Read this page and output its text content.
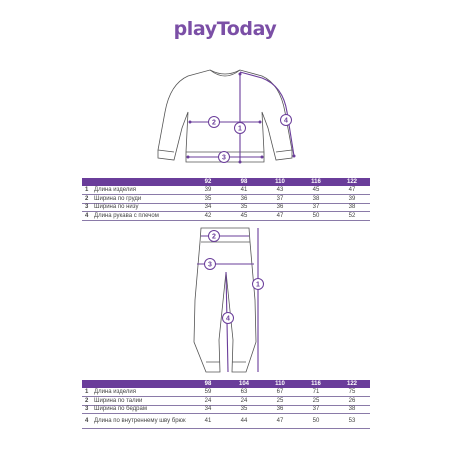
playToday
1
2
3
4
1
2
3
4
		92	98	110	116	122
1	Длина изделия	39	41	43	45	47
2	Ширина по груди	35	36	37	38	39
3	Ширина по низу	34	35	36	37	38
4	Длина рукава с плечом	42	45	47	50	52
		98	104	110	116	122
1	Длина изделия	59	63	67	71	75
2	Ширина по талии	24	24	25	25	26
3	Ширина по бедрам	34	35	36	37	38
4	Длина по внутреннему шву брюк	41	44	47	50	53
